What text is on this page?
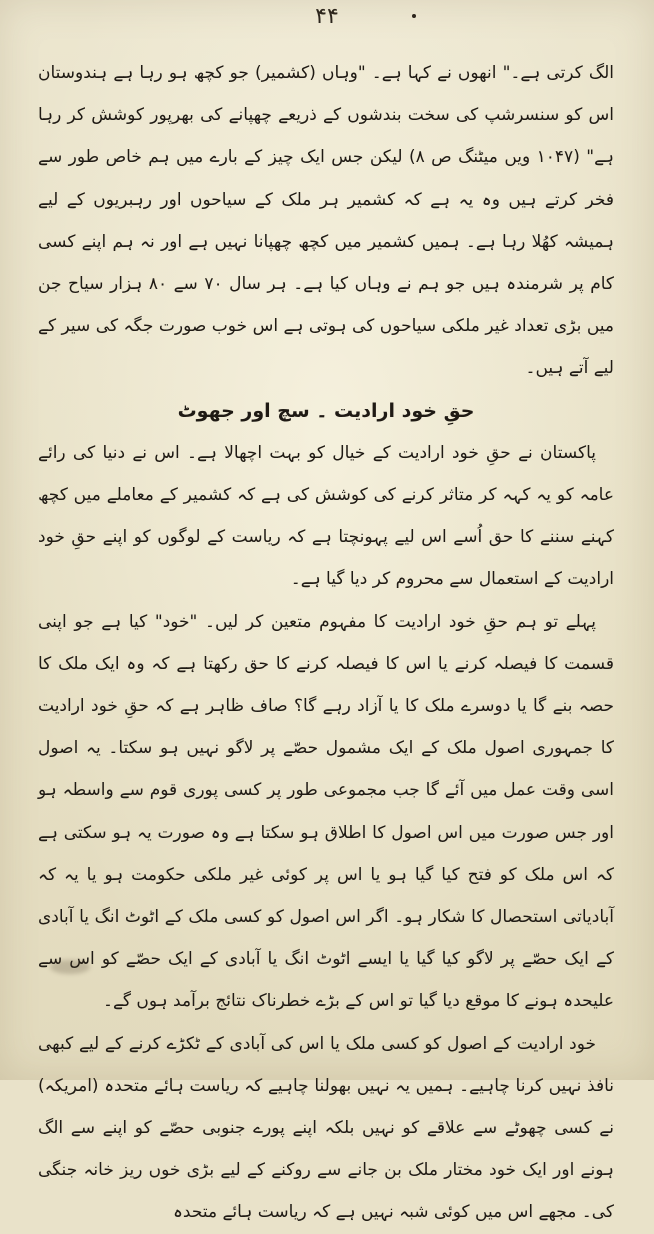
۴۴

الگ کرتی ہے۔" انھوں نے کہا ہے۔ "وہاں (کشمیر) جو کچھ ہو رہا ہے ہندوستان اس کو سنسرشپ کی سخت بندشوں کے ذریعے چھپانے کی بھرپور کوشش کر رہا ہے" (۱۰۴۷ ویں میٹنگ ص ۸) لیکن جس ایک چیز کے بارے میں ہم خاص طور سے فخر کرتے ہیں وہ یہ ہے کہ کشمیر ہر ملک کے سیاحوں اور رہبریوں کے لیے ہمیشہ کھُلا رہا ہے۔ ہمیں کشمیر میں کچھ چھپانا نہیں ہے اور نہ ہم اپنے کسی کام پر شرمندہ ہیں جو ہم نے وہاں کیا ہے۔ ہر سال ۷۰ سے ۸۰ ہزار سیاح جن میں بڑی تعداد غیر ملکی سیاحوں کی ہوتی ہے اس خوب صورت جگہ کی سیر کے لیے آتے ہیں۔

حقِ خود ارادیت ۔ سچ اور جھوٹ

پاکستان نے حقِ خود ارادیت کے خیال کو بہت اچھالا ہے۔ اس نے دنیا کی رائے عامہ کو یہ کہہ کر متاثر کرنے کی کوشش کی ہے کہ کشمیر کے معاملے میں کچھ کہنے سننے کا حق اُسے اس لیے پہونچتا ہے کہ ریاست کے لوگوں کو اپنے حقِ خود ارادیت کے استعمال سے محروم کر دیا گیا ہے۔

پہلے تو ہم حقِ خود ارادیت کا مفہوم متعین کر لیں۔ "خود" کیا ہے جو اپنی قسمت کا فیصلہ کرنے یا اس کا فیصلہ کرنے کا حق رکھتا ہے کہ وہ ایک ملک کا حصہ بنے گا یا دوسرے ملک کا یا آزاد رہے گا؟ صاف ظاہر ہے کہ حقِ خود ارادیت کا جمہوری اصول ملک کے ایک مشمول حصّے پر لاگو نہیں ہو سکتا۔ یہ اصول اسی وقت عمل میں آئے گا جب مجموعی طور پر کسی پوری قوم سے واسطہ ہو اور جس صورت میں اس اصول کا اطلاق ہو سکتا ہے وہ صورت یہ ہو سکتی ہے کہ اس ملک کو فتح کیا گیا ہو یا اس پر کوئی غیر ملکی حکومت ہو یا یہ کہ آبادیاتی استحصال کا شکار ہو۔ اگر اس اصول کو کسی ملک کے اٹوٹ انگ یا آبادی کے ایک حصّے پر لاگو کیا گیا یا ایسے اٹوٹ انگ یا آبادی کے ایک حصّے کو اس سے علیحدہ ہونے کا موقع دیا گیا تو اس کے بڑے خطرناک نتائج برآمد ہوں گے۔

خود ارادیت کے اصول کو کسی ملک یا اس کی آبادی کے ٹکڑے کرنے کے لیے کبھی نافذ نہیں کرنا چاہیے۔ ہمیں یہ نہیں بھولنا چاہیے کہ ریاست ہائے متحدہ (امریکہ) نے کسی چھوٹے سے علاقے کو نہیں بلکہ اپنے پورے جنوبی حصّے کو اپنے سے الگ ہونے اور ایک خود مختار ملک بن جانے سے روکنے کے لیے بڑی خوں ریز خانہ جنگی کی۔ مجھے اس میں کوئی شبہ نہیں ہے کہ ریاست ہائے متحدہ
